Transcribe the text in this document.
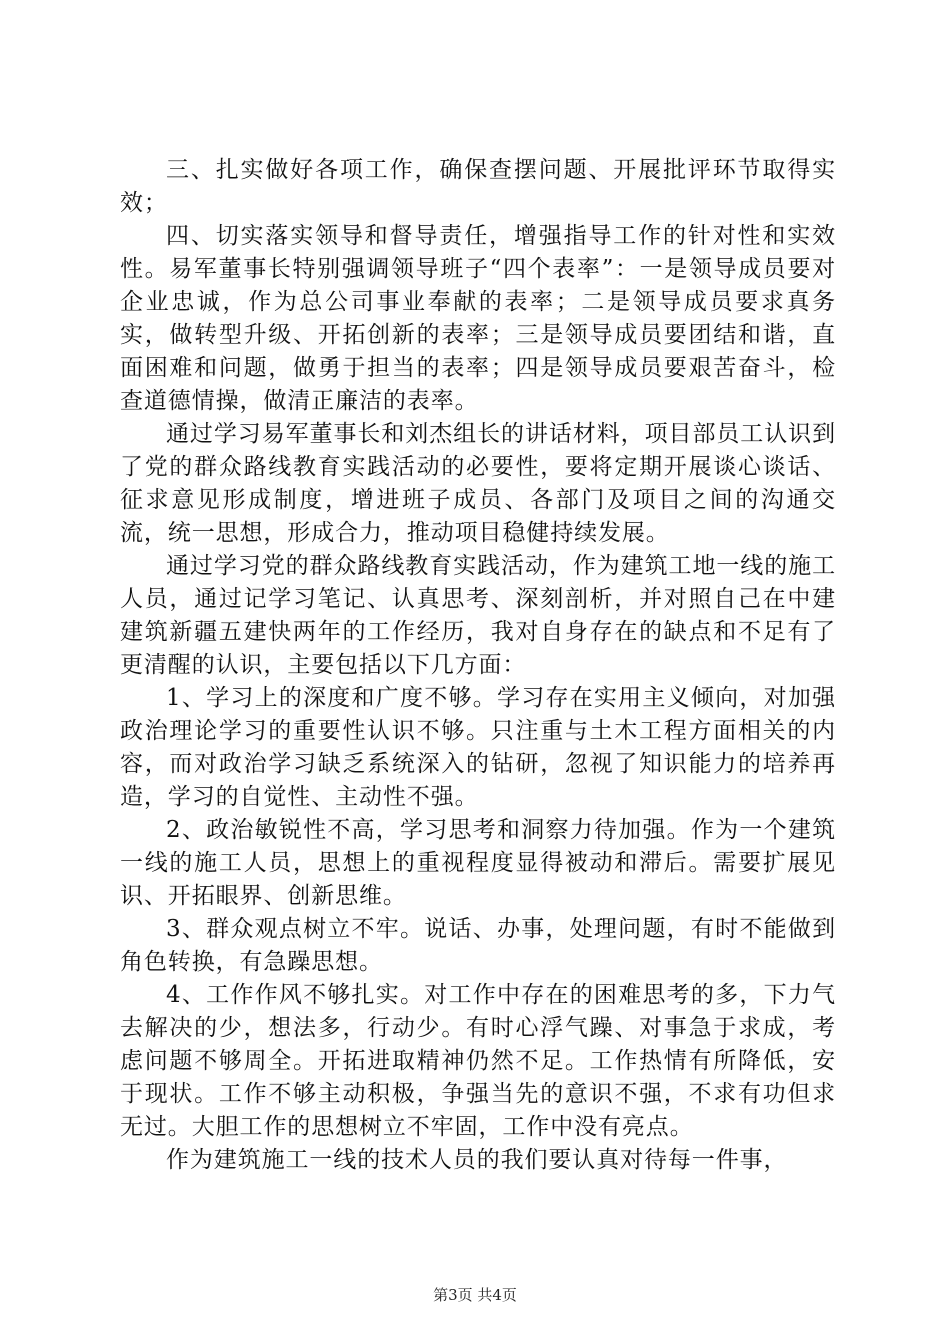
三、扎实做好各项工作，确保查摆问题、开展批评环节取得实效；

四、切实落实领导和督导责任，增强指导工作的针对性和实效性。易军董事长特别强调领导班子“四个表率”：一是领导成员要对企业忠诚，作为总公司事业奉献的表率；二是领导成员要求真务实，做转型升级、开拓创新的表率；三是领导成员要团结和谐，直面困难和问题，做勇于担当的表率；四是领导成员要艰苦奋斗，检查道德情操，做清正廉洁的表率。

通过学习易军董事长和刘杰组长的讲话材料，项目部员工认识到了党的群众路线教育实践活动的必要性，要将定期开展谈心谈话、征求意见形成制度，增进班子成员、各部门及项目之间的沟通交流，统一思想，形成合力，推动项目稳健持续发展。

通过学习党的群众路线教育实践活动，作为建筑工地一线的施工人员，通过记学习笔记、认真思考、深刻剖析，并对照自己在中建建筑新疆五建快两年的工作经历，我对自身存在的缺点和不足有了更清醒的认识，主要包括以下几方面：

1、学习上的深度和广度不够。学习存在实用主义倾向，对加强政治理论学习的重要性认识不够。只注重与土木工程方面相关的内容，而对政治学习缺乏系统深入的钻研，忽视了知识能力的培养再造，学习的自觉性、主动性不强。

2、政治敏锐性不高，学习思考和洞察力待加强。作为一个建筑一线的施工人员，思想上的重视程度显得被动和滞后。需要扩展见识、开拓眼界、创新思维。

3、群众观点树立不牢。说话、办事，处理问题，有时不能做到角色转换，有急躁思想。

4、工作作风不够扎实。对工作中存在的困难思考的多，下力气去解决的少，想法多，行动少。有时心浮气躁、对事急于求成，考虑问题不够周全。开拓进取精神仍然不足。工作热情有所降低，安于现状。工作不够主动积极，争强当先的意识不强，不求有功但求无过。大胆工作的思想树立不牢固，工作中没有亮点。

作为建筑施工一线的技术人员的我们要认真对待每一件事，

第3页 共4页
